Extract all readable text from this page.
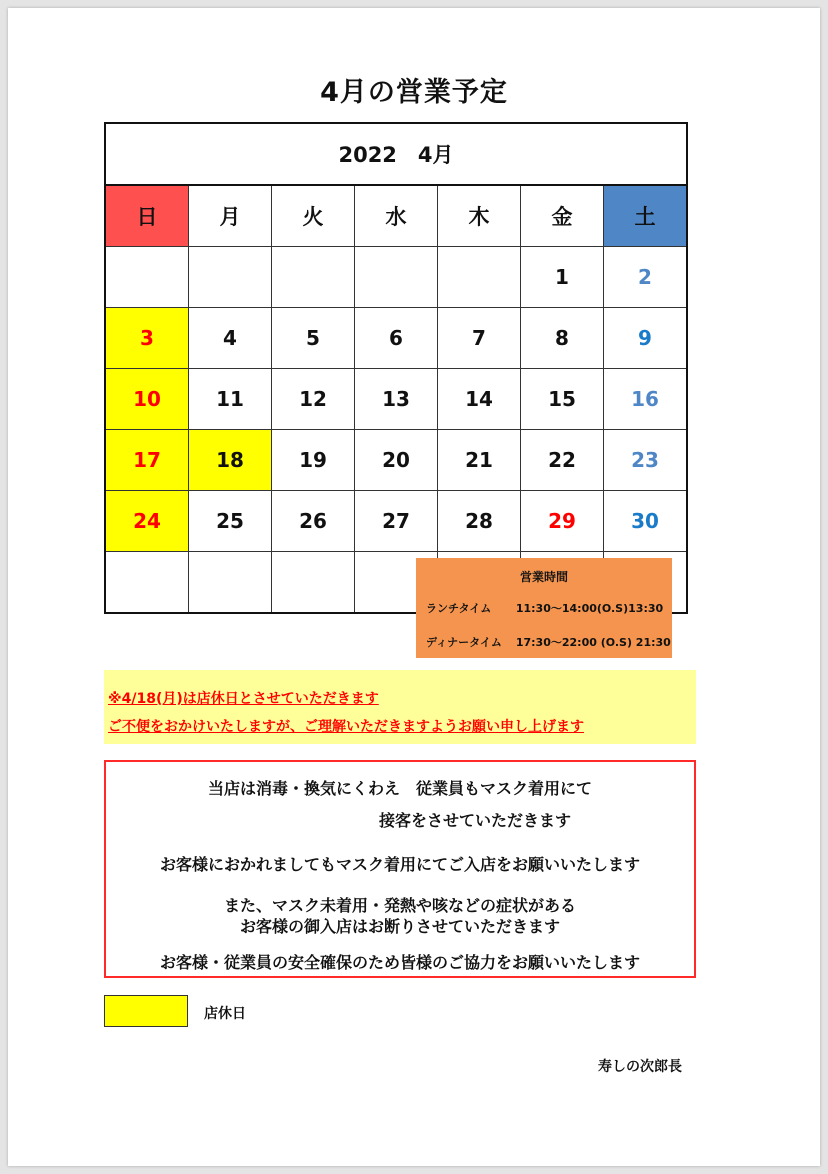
4月の営業予定
2022　4月						
日	月	火	水	木	金	土
					1	2
3	4	5	6	7	8	9
10	11	12	13	14	15	16
17	18	19	20	21	22	23
24	25	26	27	28	29	30

営業時間
ランチタイム 11:30～14:00(O.S)13:30
ディナータイム 17:30～22:00 (O.S) 21:30
※4/18(月)は店休日とさせていただきます
ご不便をおかけいたしますが、ご理解いただきますようお願い申し上げます
当店は消毒・換気にくわえ　従業員もマスク着用にて
接客をさせていただきます
お客様におかれましてもマスク着用にてご入店をお願いいたします
また、マスク未着用・発熱や咳などの症状がある
お客様の御入店はお断りさせていただきます
お客様・従業員の安全確保のため皆様のご協力をお願いいたします
店休日
寿しの次郎長
